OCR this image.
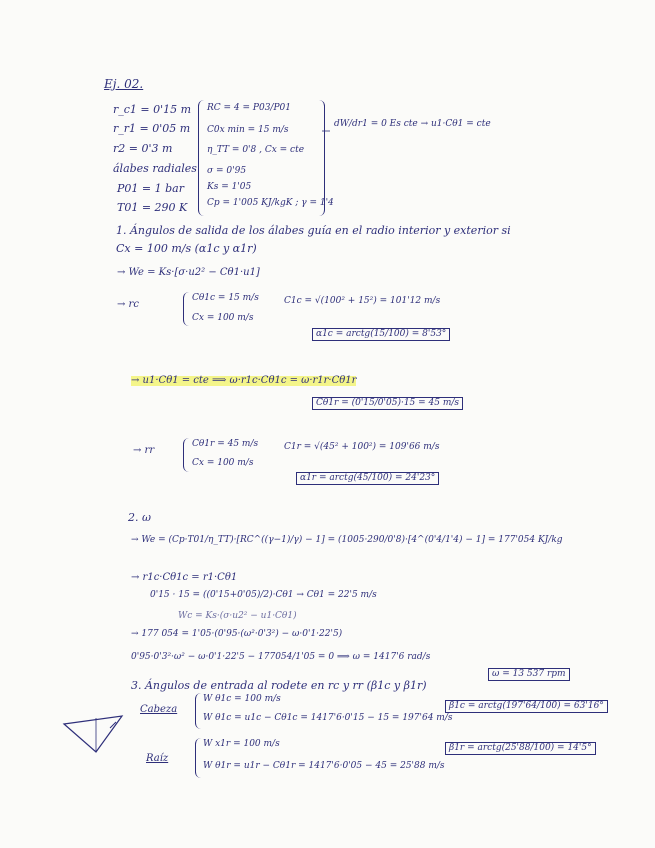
Ej. 02.
r_c1 = 0'15 m
r_r1 = 0'05 m
r2 = 0'3 m
álabes radiales
P01 = 1 bar
T01 = 290 K
RC = 4 = P03/P01
C0x min = 15 m/s
η_TT = 0'8 , Cx = cte
σ = 0'95
Ks = 1'05
Cp = 1'005 KJ/kgK ; γ = 1'4
dW/dr1 = 0 Es cte → u1·Cθ1 = cte
1. Ángulos de salida de los álabes guía en el radio interior y exterior si Cx = 100 m/s (α1c y α1r)
→ We = Ks·[σ·u2² − Cθ1·u1]
→ rc
Cθ1c = 15 m/s
Cx = 100 m/s
C1c = √(100² + 15²) = 101'12 m/s
α1c = arctg(15/100) = 8'53°
→ u1·Cθ1 = cte ⟹ ω·r1c·Cθ1c = ω·r1r·Cθ1r
Cθ1r = (0'15/0'05)·15 = 45 m/s
→ rr
Cθ1r = 45 m/s
Cx = 100 m/s
C1r = √(45² + 100²) = 109'66 m/s
α1r = arctg(45/100) = 24'23°
2. ω
→ We = (Cp·T01/η_TT)·[RC^((γ−1)/γ) − 1] = (1005·290/0'8)·[4^(0'4/1'4) − 1] = 177'054 KJ/kg
→ r1c·Cθ1c = r1·Cθ1
0'15 · 15 = ((0'15+0'05)/2)·Cθ1 → Cθ1 = 22'5 m/s
Wc = Ks·(σ·u2² − u1·Cθ1)
→ 177 054 = 1'05·(0'95·(ω²·0'3²) − ω·0'1·22'5)
0'95·0'3²·ω² − ω·0'1·22'5 − 177054/1'05 = 0 ⟹ ω = 1417'6 rad/s
ω = 13 537 rpm
3. Ángulos de entrada al rodete en rc y rr (β1c y β1r)
Cabeza
W θ1c = 100 m/s
W θ1c = u1c − Cθ1c = 1417'6·0'15 − 15 = 197'64 m/s
β1c = arctg(197'64/100) = 63'16°
Raíz
W x1r = 100 m/s
W θ1r = u1r − Cθ1r = 1417'6·0'05 − 45 = 25'88 m/s
β1r = arctg(25'88/100) = 14'5°
